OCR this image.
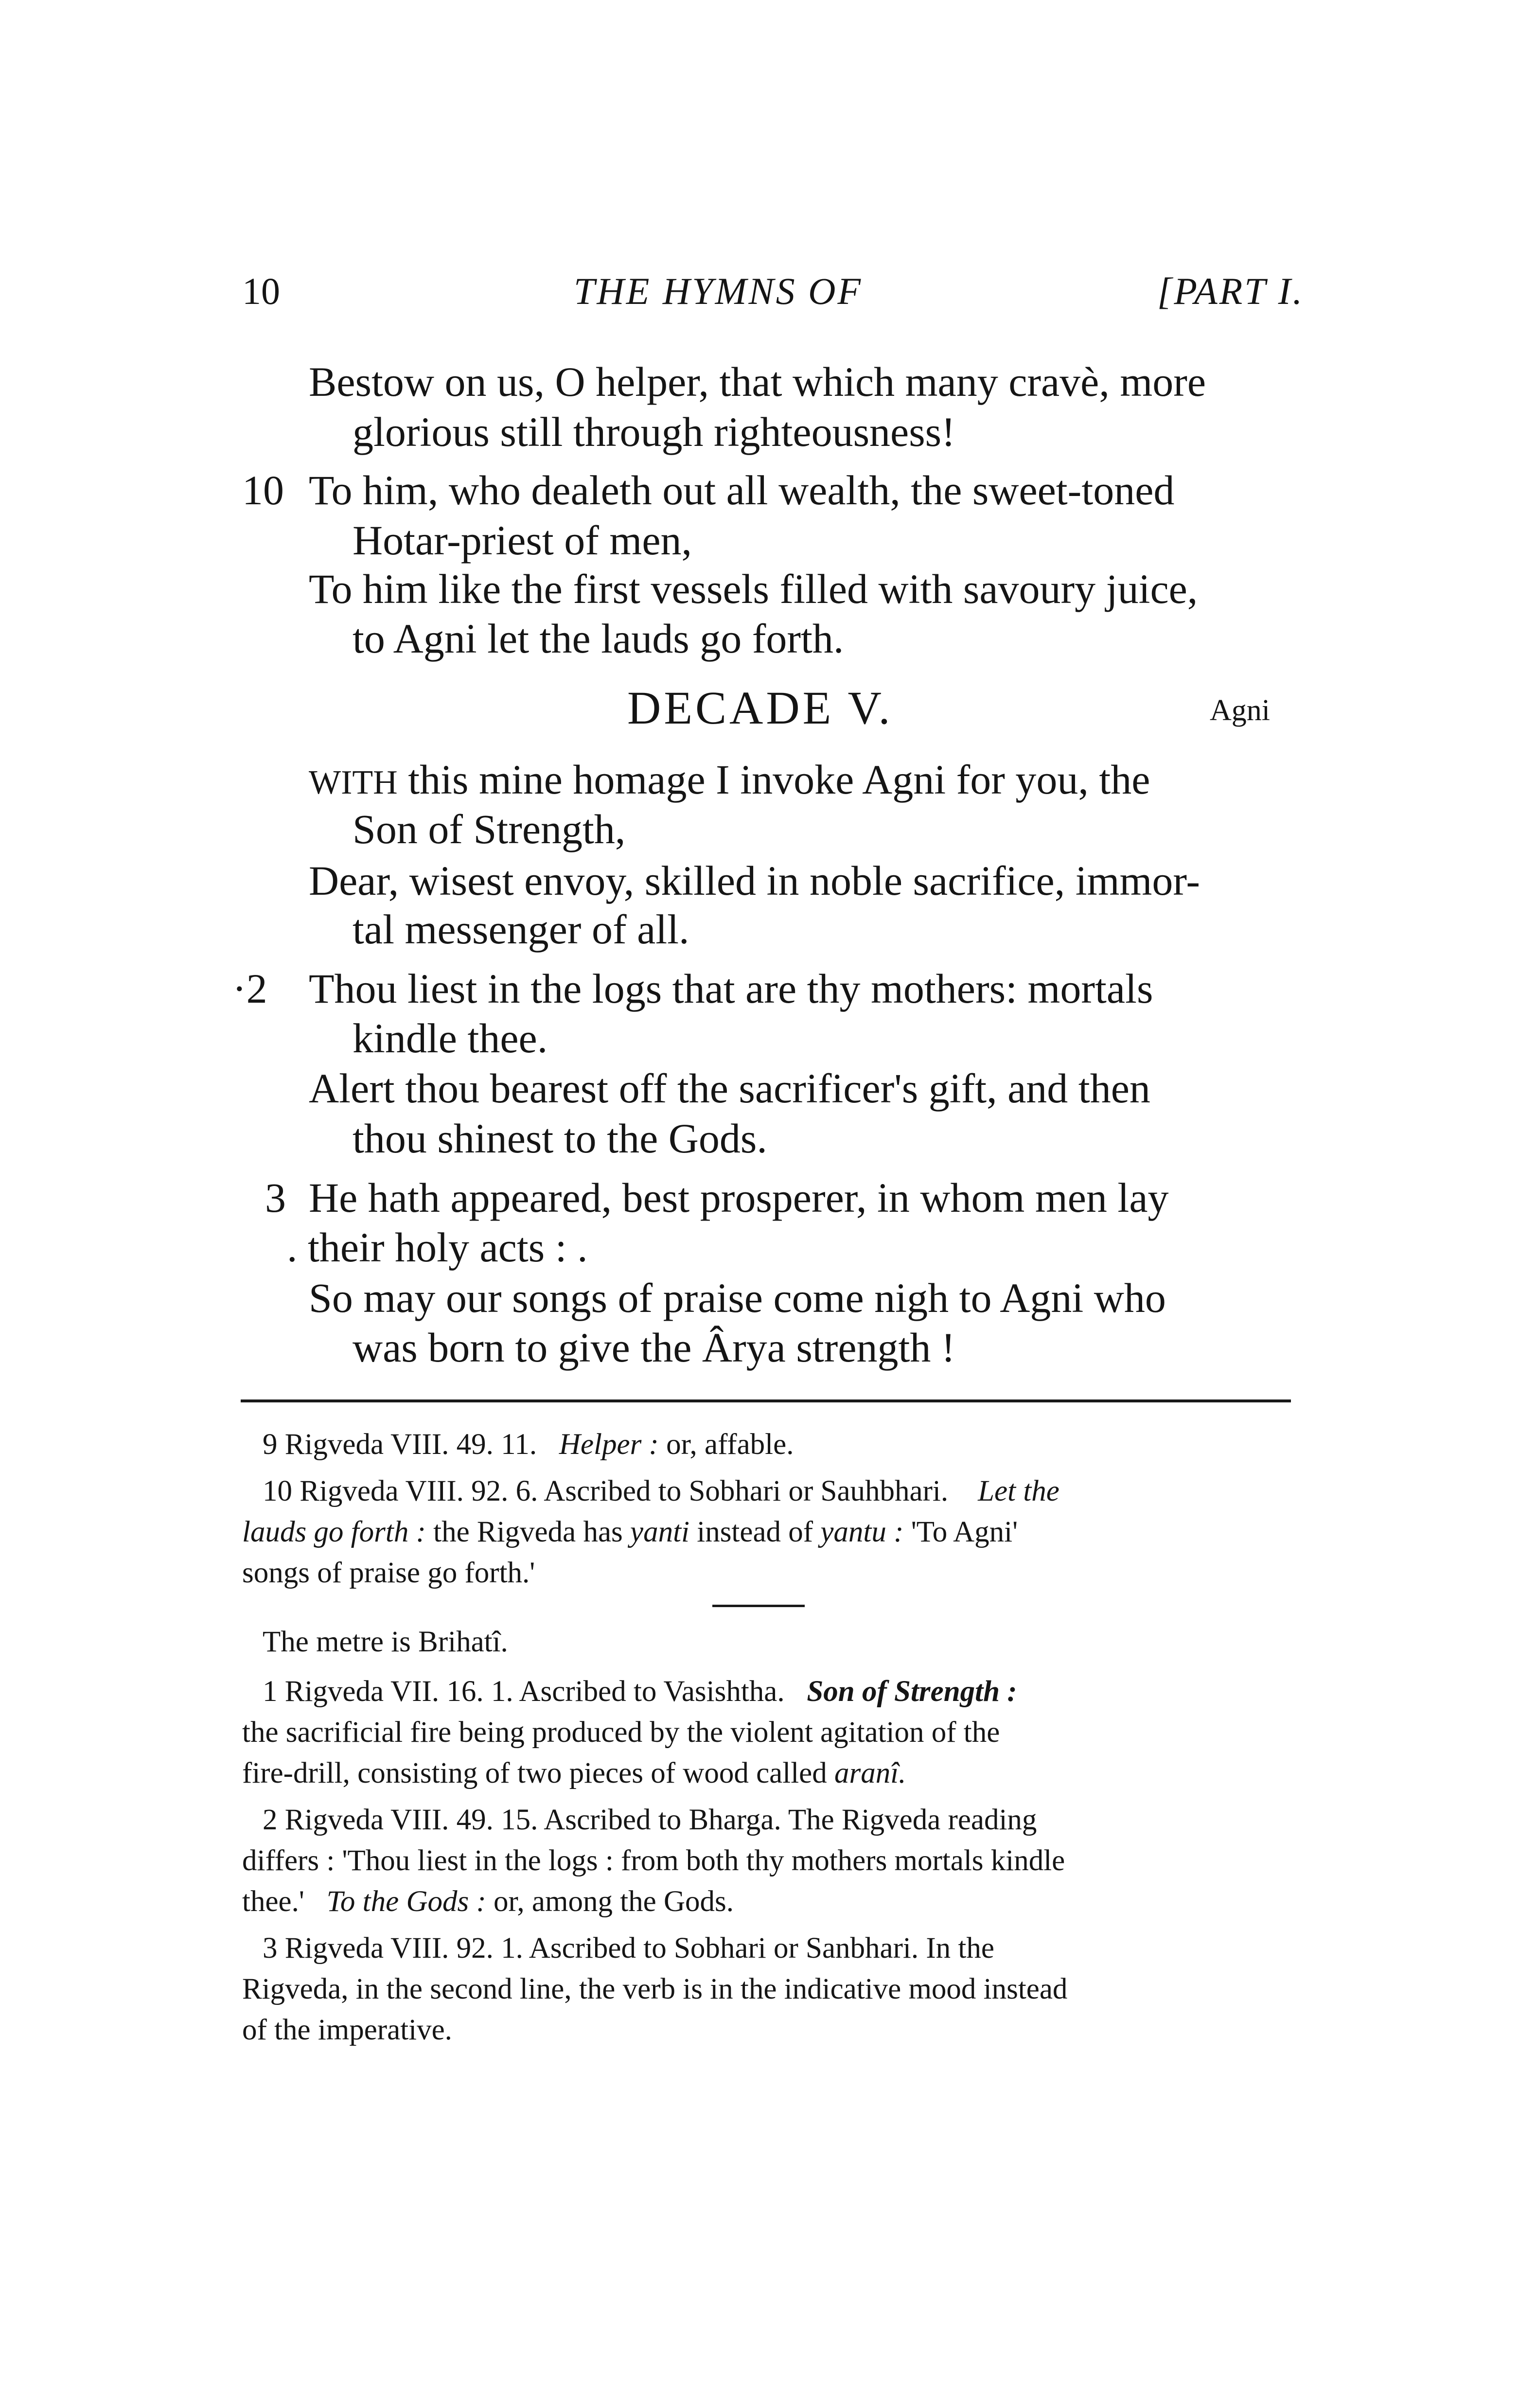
10	THE HYMNS OF	[PART I.
Bestow on us, O helper, that which many cravè, more
glorious still through righteousness!
10 To him, who dealeth out all wealth, the sweet-toned
Hotar-priest of men,
To him like the first vessels filled with savoury juice,
to Agni let the lauds go forth.
DECADE V.	Agni
WITH this mine homage I invoke Agni for you, the
Son of Strength,
Dear, wisest envoy, skilled in noble sacrifice, immor-
tal messenger of all.
·2 Thou liest in the logs that are thy mothers: mortals
kindle thee.
Alert thou bearest off the sacrificer's gift, and then
thou shinest to the Gods.
3 He hath appeared, best prosperer, in whom men lay
. their holy acts : .
So may our songs of praise come nigh to Agni who
was born to give the Ârya strength !
9 Rigveda VIII. 49. 11. Helper : or, affable.
10 Rigveda VIII. 92. 6. Ascribed to Sobhari or Sauhbhari. Let the
lauds go forth : the Rigveda has yanti instead of yantu : 'To Agni'
songs of praise go forth.'
The metre is Brihatî.
1 Rigveda VII. 16. 1. Ascribed to Vasishtha. Son of Strength :
the sacrificial fire being produced by the violent agitation of the
fire-drill, consisting of two pieces of wood called aranî.
2 Rigveda VIII. 49. 15. Ascribed to Bharga. The Rigveda reading
differs : 'Thou liest in the logs : from both thy mothers mortals kindle
thee.' To the Gods : or, among the Gods.
3 Rigveda VIII. 92. 1. Ascribed to Sobhari or Sanbhari. In the
Rigveda, in the second line, the verb is in the indicative mood instead
of the imperative.
